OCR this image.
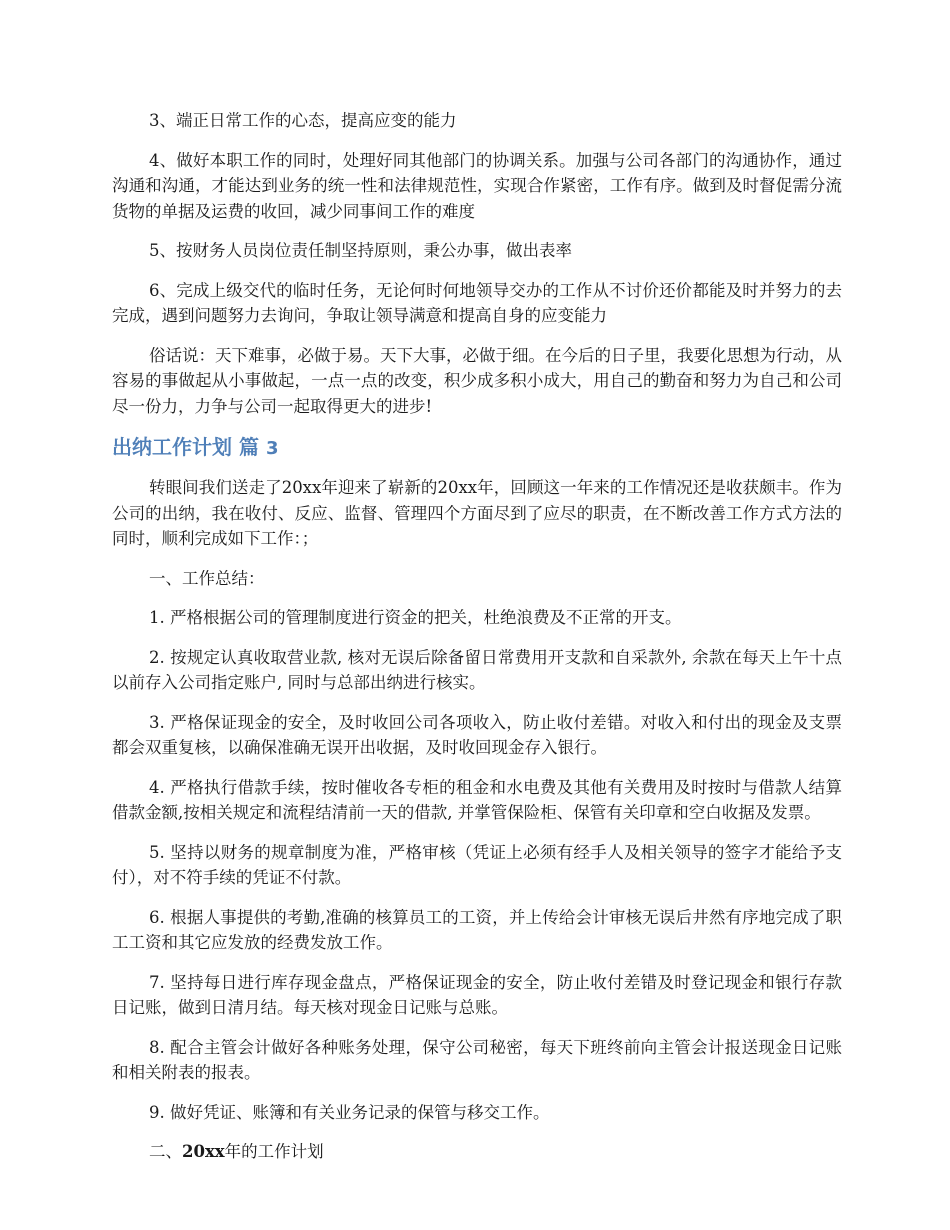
3、端正日常工作的心态，提高应变的能力

4、做好本职工作的同时，处理好同其他部门的协调关系。加强与公司各部门的沟通协作，通过沟通和沟通，才能达到业务的统一性和法律规范性，实现合作紧密，工作有序。做到及时督促需分流货物的单据及运费的收回，减少同事间工作的难度

5、按财务人员岗位责任制坚持原则，秉公办事，做出表率

6、完成上级交代的临时任务，无论何时何地领导交办的工作从不讨价还价都能及时并努力的去完成，遇到问题努力去询问，争取让领导满意和提高自身的应变能力

俗话说：天下难事，必做于易。天下大事，必做于细。在今后的日子里，我要化思想为行动，从容易的事做起从小事做起，一点一点的改变，积少成多积小成大，用自己的勤奋和努力为自己和公司尽一份力，力争与公司一起取得更大的进步!

出纳工作计划 篇 3

转眼间我们送走了20xx年迎来了崭新的20xx年，回顾这一年来的工作情况还是收获颇丰。作为公司的出纳，我在收付、反应、监督、管理四个方面尽到了应尽的职责，在不断改善工作方式方法的同时，顺利完成如下工作：；

一、工作总结：

1. 严格根据公司的管理制度进行资金的把关，杜绝浪费及不正常的开支。

2. 按规定认真收取营业款, 核对无误后除备留日常费用开支款和自采款外, 余款在每天上午十点以前存入公司指定账户, 同时与总部出纳进行核实。

3. 严格保证现金的安全，及时收回公司各项收入，防止收付差错。对收入和付出的现金及支票都会双重复核，以确保准确无误开出收据，及时收回现金存入银行。

4. 严格执行借款手续，按时催收各专柜的租金和水电费及其他有关费用及时按时与借款人结算借款金额,按相关规定和流程结清前一天的借款, 并掌管保险柜、保管有关印章和空白收据及发票。

5. 坚持以财务的规章制度为准，严格审核（凭证上必须有经手人及相关领导的签字才能给予支付），对不符手续的凭证不付款。

6. 根据人事提供的考勤,准确的核算员工的工资，并上传给会计审核无误后井然有序地完成了职工工资和其它应发放的经费发放工作。

7. 坚持每日进行库存现金盘点，严格保证现金的安全，防止收付差错及时登记现金和银行存款日记账，做到日清月结。每天核对现金日记账与总账。

8. 配合主管会计做好各种账务处理，保守公司秘密，每天下班终前向主管会计报送现金日记账和相关附表的报表。

9. 做好凭证、账簿和有关业务记录的保管与移交工作。

二、20xx年的工作计划
